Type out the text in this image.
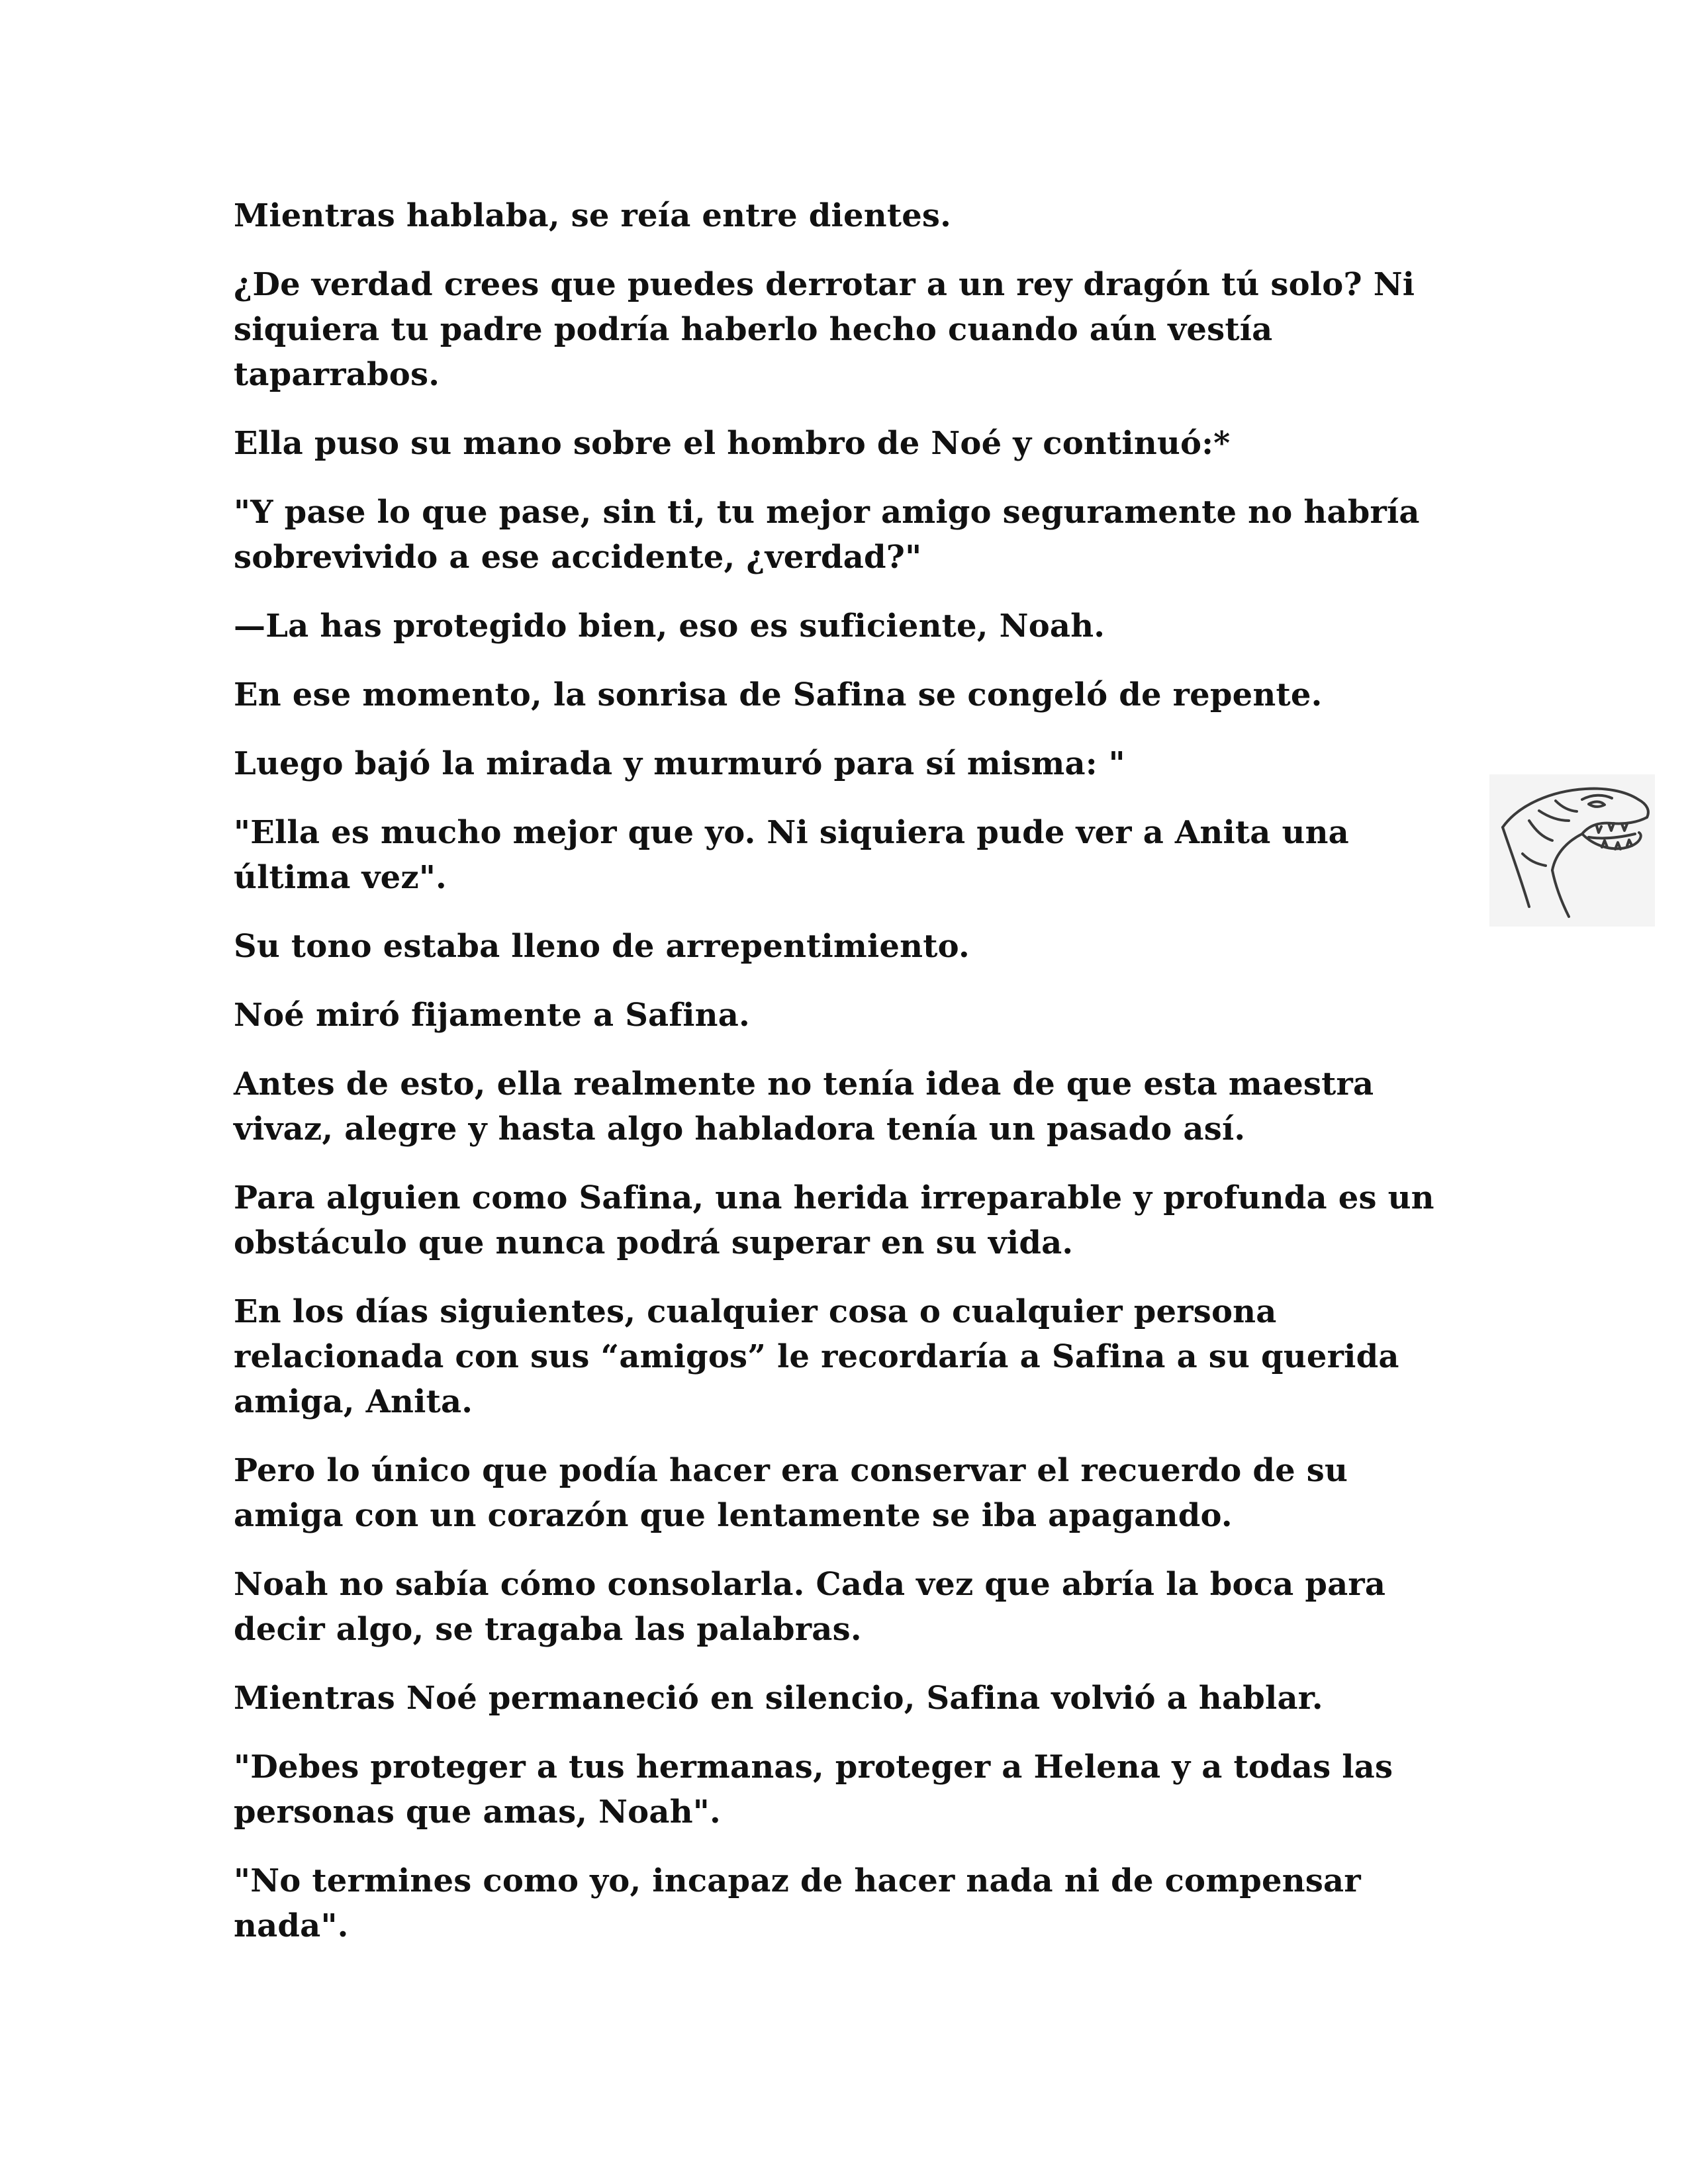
Mientras hablaba, se reía entre dientes.

¿De verdad crees que puedes derrotar a un rey dragón tú solo? Ni siquiera tu padre podría haberlo hecho cuando aún vestía taparrabos.

Ella puso su mano sobre el hombro de Noé y continuó:*

"Y pase lo que pase, sin ti, tu mejor amigo seguramente no habría sobrevivido a ese accidente, ¿verdad?"

—La has protegido bien, eso es suficiente, Noah.

En ese momento, la sonrisa de Safina se congeló de repente.

Luego bajó la mirada y murmuró para sí misma: "

"Ella es mucho mejor que yo. Ni siquiera pude ver a Anita una última vez".

Su tono estaba lleno de arrepentimiento.

Noé miró fijamente a Safina.

Antes de esto, ella realmente no tenía idea de que esta maestra vivaz, alegre y hasta algo habladora tenía un pasado así.

Para alguien como Safina, una herida irreparable y profunda es un obstáculo que nunca podrá superar en su vida.

En los días siguientes, cualquier cosa o cualquier persona relacionada con sus “amigos” le recordaría a Safina a su querida amiga, Anita.

Pero lo único que podía hacer era conservar el recuerdo de su amiga con un corazón que lentamente se iba apagando.

Noah no sabía cómo consolarla. Cada vez que abría la boca para decir algo, se tragaba las palabras.

Mientras Noé permaneció en silencio, Safina volvió a hablar.

"Debes proteger a tus hermanas, proteger a Helena y a todas las personas que amas, Noah".

"No termines como yo, incapaz de hacer nada ni de compensar nada".
